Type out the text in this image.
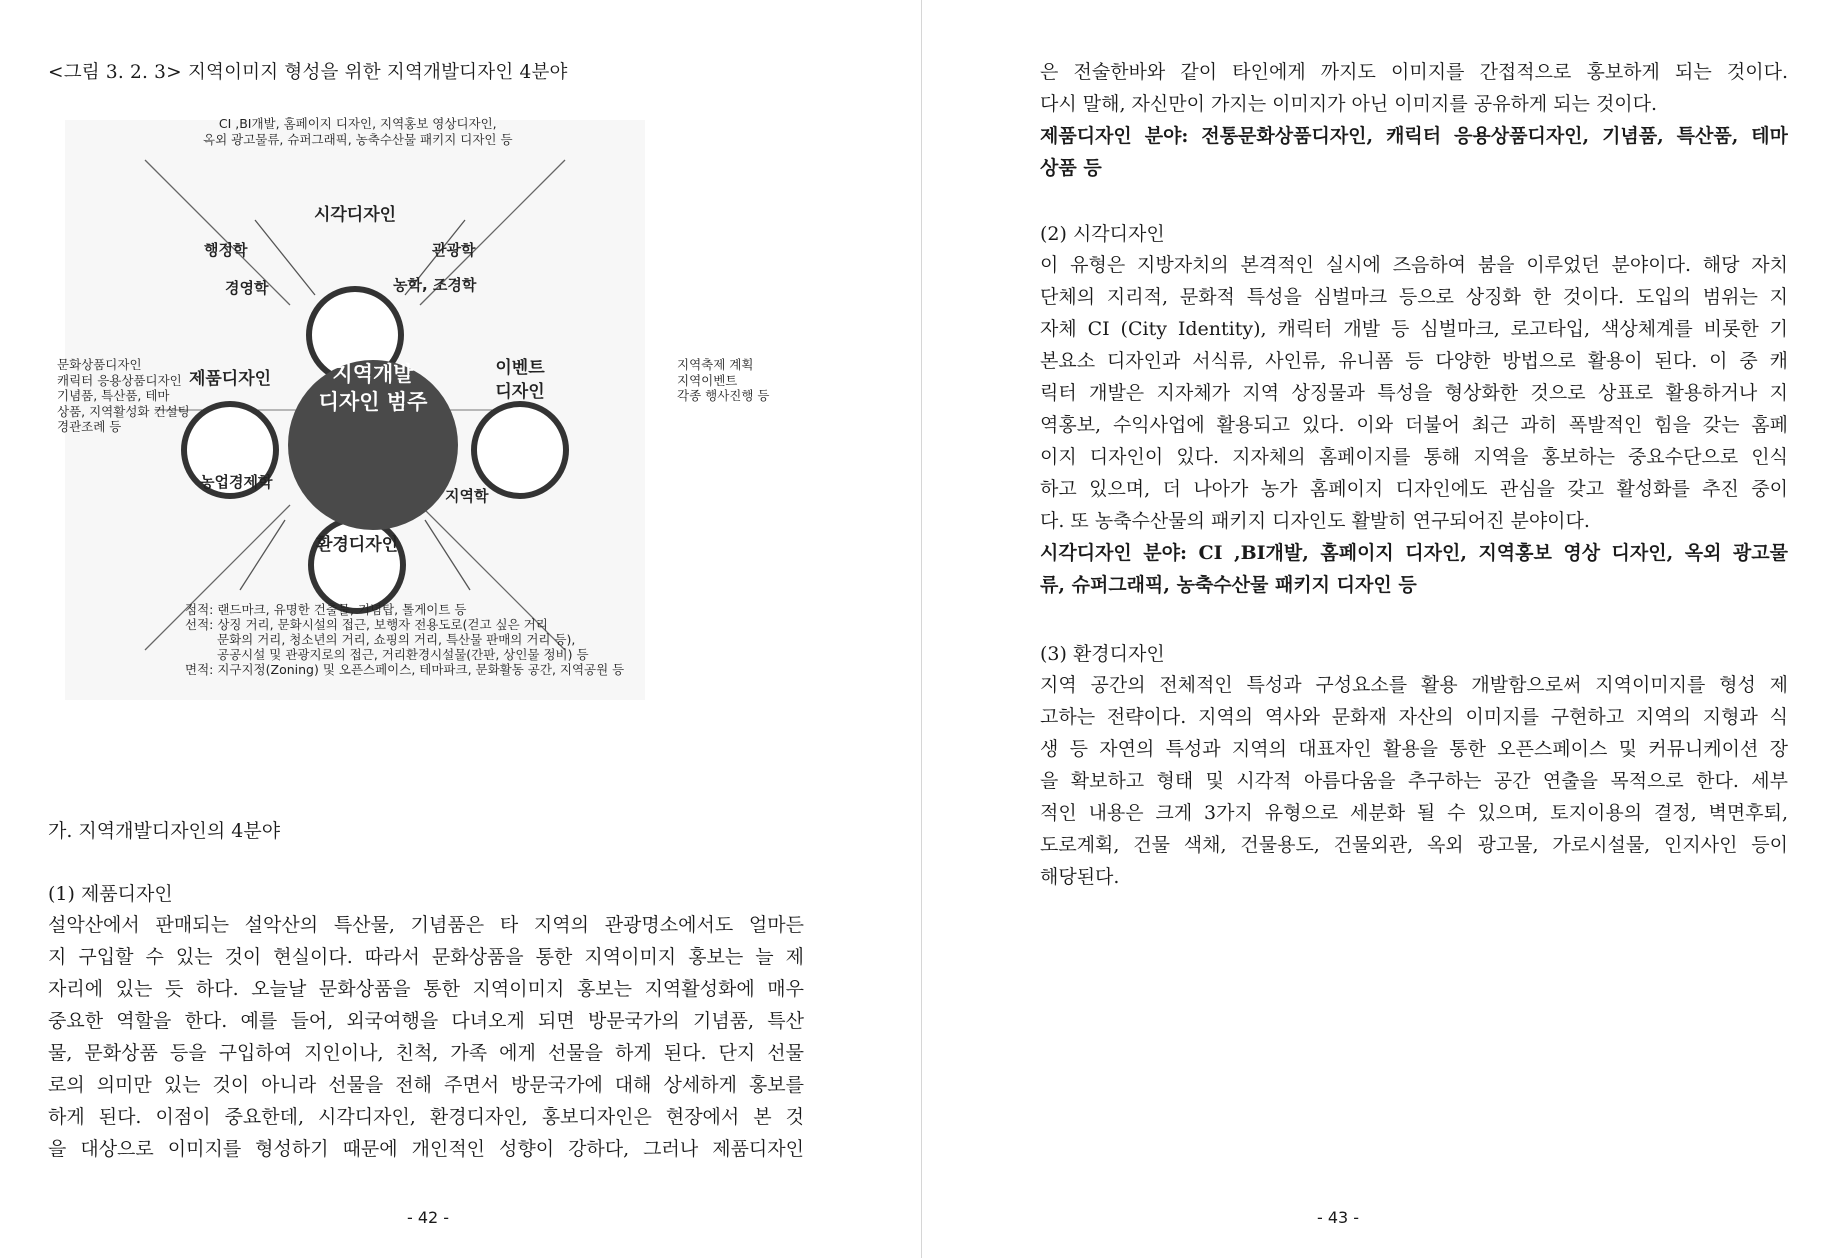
<그림 3. 2. 3> 지역이미지 형성을 위한 지역개발디자인 4분야
CI ,BI개발, 홈페이지 디자인, 지역홍보 영상디자인,
옥외 광고물류, 슈퍼그래픽, 농축수산물 패키지 디자인 등
시각디자인
행정학	관광학
경영학	농학, 조경학
문화상품디자인
캐릭터 응용상품디자인
기념품, 특산품, 테마
상품, 지역활성화 컨설팅
경관조례 등
제품디자인	지역개발
디자인 범주
이벤트
디자인
농업경제학
지역학
환경디자인
점적: 랜드마크, 유명한 건출물, 기념탑, 톨게이트 등
선적: 상징 거리, 문화시설의 접근, 보행자 전용도로(걷고 싶은 거리
문화의 거리, 청소년의 거리, 쇼핑의 거리, 특산물 판매의 거리 등),
공공시설 및 관광지로의 접근, 거리환경시설물(간판, 상인물 정비) 등
면적: 지구지정(Zoning) 및 오픈스페이스, 테마파크, 문화활동 공간, 지역공원 등
지역축제 계획
지역이벤트
각종 행사진행 등
가. 지역개발디자인의 4분야
(1) 제품디자인
설악산에서 판매되는 설악산의 특산물, 기념품은 타 지역의 관광명소에서도 얼마든
지 구입할 수 있는 것이 현실이다. 따라서 문화상품을 통한 지역이미지 홍보는 늘 제
자리에 있는 듯 하다. 오늘날 문화상품을 통한 지역이미지 홍보는 지역활성화에 매우
중요한 역할을 한다. 예를 들어, 외국여행을 다녀오게 되면 방문국가의 기념품, 특산
물, 문화상품 등을 구입하여 지인이나, 친척, 가족 에게 선물을 하게 된다. 단지 선물
로의 의미만 있는 것이 아니라 선물을 전해 주면서 방문국가에 대해 상세하게 홍보를
하게 된다. 이점이 중요한데, 시각디자인, 환경디자인, 홍보디자인은 현장에서 본 것
을 대상으로 이미지를 형성하기 때문에 개인적인 성향이 강하다, 그러나 제품디자인
- 42 -
은 전술한바와 같이 타인에게 까지도 이미지를 간접적으로 홍보하게 되는 것이다.
다시 말해, 자신만이 가지는 이미지가 아닌 이미지를 공유하게 되는 것이다.
제품디자인 분야: 전통문화상품디자인, 캐릭터 응용상품디자인, 기념품, 특산품, 테마
상품 등
(2) 시각디자인
이 유형은 지방자치의 본격적인 실시에 즈음하여 붐을 이루었던 분야이다. 해당 자치
단체의 지리적, 문화적 특성을 심벌마크 등으로 상징화 한 것이다. 도입의 범위는 지
자체 CI (City Identity), 캐릭터 개발 등 심벌마크, 로고타입, 색상체계를 비롯한 기
본요소 디자인과 서식류, 사인류, 유니폼 등 다양한 방법으로 활용이 된다. 이 중 캐
릭터 개발은 지자체가 지역 상징물과 특성을 형상화한 것으로 상표로 활용하거나 지
역홍보, 수익사업에 활용되고 있다. 이와 더불어 최근 과히 폭발적인 힘을 갖는 홈페
이지 디자인이 있다. 지자체의 홈페이지를 통해 지역을 홍보하는 중요수단으로 인식
하고 있으며, 더 나아가 농가 홈페이지 디자인에도 관심을 갖고 활성화를 추진 중이
다. 또 농축수산물의 패키지 디자인도 활발히 연구되어진 분야이다.
시각디자인 분야: CI ,BI개발, 홈페이지 디자인, 지역홍보 영상 디자인, 옥외 광고물
류, 슈퍼그래픽, 농축수산물 패키지 디자인 등
(3) 환경디자인
지역 공간의 전체적인 특성과 구성요소를 활용 개발함으로써 지역이미지를 형성 제
고하는 전략이다. 지역의 역사와 문화재 자산의 이미지를 구현하고 지역의 지형과 식
생 등 자연의 특성과 지역의 대표자인 활용을 통한 오픈스페이스 및 커뮤니케이션 장
을 확보하고 형태 및 시각적 아름다움을 추구하는 공간 연출을 목적으로 한다. 세부
적인 내용은 크게 3가지 유형으로 세분화 될 수 있으며, 토지이용의 결정, 벽면후퇴,
도로계획, 건물 색채, 건물용도, 건물외관, 옥외 광고물, 가로시설물, 인지사인 등이
해당된다.
- 43 -
